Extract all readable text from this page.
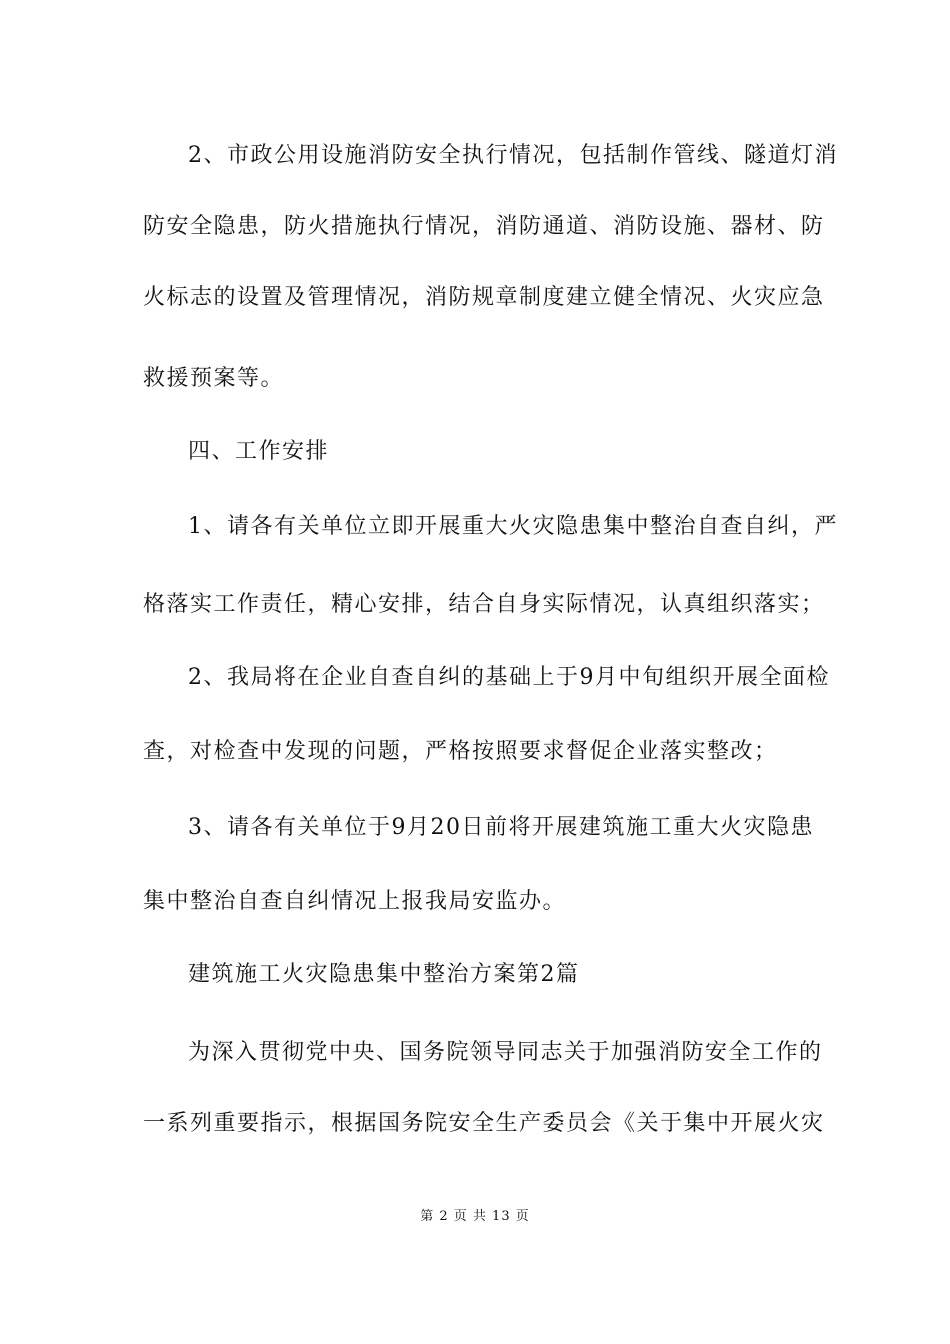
2、市政公用设施消防安全执行情况，包括制作管线、隧道灯消
防安全隐患，防火措施执行情况，消防通道、消防设施、器材、防
火标志的设置及管理情况，消防规章制度建立健全情况、火灾应急
救援预案等。
四、工作安排
1、请各有关单位立即开展重大火灾隐患集中整治自查自纠，严
格落实工作责任，精心安排，结合自身实际情况，认真组织落实；
2、我局将在企业自查自纠的基础上于9月中旬组织开展全面检
查，对检查中发现的问题，严格按照要求督促企业落实整改；
3、请各有关单位于9月20日前将开展建筑施工重大火灾隐患
集中整治自查自纠情况上报我局安监办。
建筑施工火灾隐患集中整治方案第2篇
为深入贯彻党中央、国务院领导同志关于加强消防安全工作的
一系列重要指示，根据国务院安全生产委员会《关于集中开展火灾
第 2 页 共 13 页
